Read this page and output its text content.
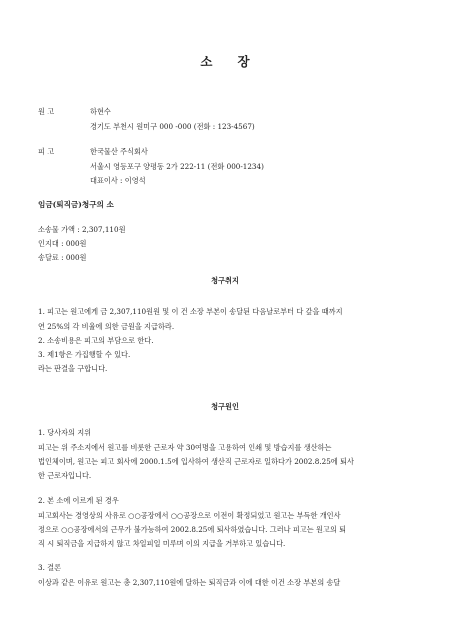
소　　장
원 고	하현수
경기도 부천시 원미구 000 -000 (전화 : 123-4567)
피 고	한국물산 주식회사
서울시 영등포구 양평동 2가 222-11 (전화 000-1234)
대표이사 : 이영석
임금(퇴직금)청구의 소
소송물 가액 : 2,307,110원
인지대 : 000원
송달료 : 000원
청구취지
1. 피고는 원고에게 금 2,307,110원원 및 이 건 소장 부본이 송달된 다음날로부터 다 갚을 때까지
연 25%의 각 비율에 의한 금원을 지급하라.
2. 소송비용은 피고의 부담으로 한다.
3. 제1항은 가집행할 수 있다.
라는 판결을 구합니다.
청구원인
1. 당사자의 지위
피고는 위 주소지에서 원고를 비롯한 근로자 약 30여명을 고용하여 인쇄 및 방습지를 생산하는
법인체이며, 원고는 피고 회사에 2000.1.5에 입사하여 생산직 근로자로 일하다가 2002.8.25에 퇴사
한 근로자입니다.
2. 본 소에 이르게 된 경우
피고회사는 경영상의 사유로 ○○공장에서 ○○공장으로 이전이 확정되었고 원고는 부득한 개인사
정으로 ○○공장에서의 근무가 불가능하여 2002.8.25에 퇴사하였습니다. 그러나 피고는 원고의 퇴
직 시 퇴직금을 지급하지 않고 차일피일 미루며 이의 지급을 거부하고 있습니다.
3. 결론
이상과 같은 이유로 원고는 총 2,307,110원에 달하는 퇴직금과 이에 대한 이건 소장 부본의 송달
